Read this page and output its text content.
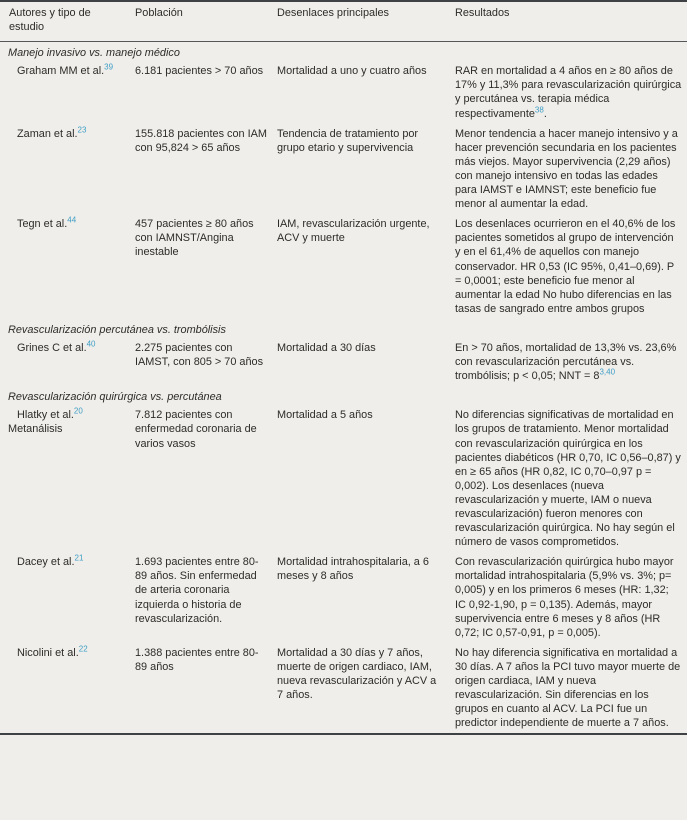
Autores y tipo de estudio	Población	Desenlaces principales	Resultados
Manejo invasivo vs. manejo médico			
Graham MM et al.$^{39}$	6.181 pacientes > 70 años	Mortalidad a uno y cuatro años	RAR en mortalidad a 4 años en ≥ 80 años de 17% y 11,3% para revascularización quirúrgica y percutánea vs. terapia médica respectivamente$^{38}$.
Zaman et al.$^{23}$	155.818 pacientes con IAM con 95,824 > 65 años	Tendencia de tratamiento por grupo etario y supervivencia	Menor tendencia a hacer manejo intensivo y a hacer prevención secundaria en los pacientes más viejos. Mayor supervivencia (2,29 años) con manejo intensivo en todas las edades para IAMST e IAMNST; este beneficio fue menor al aumentar la edad.
Tegn et al.$^{44}$	457 pacientes ≥ 80 años con IAMNST/Angina inestable	IAM, revascularización urgente, ACV y muerte	Los desenlaces ocurrieron en el 40,6% de los pacientes sometidos al grupo de intervención y en el 61,4% de aquellos con manejo conservador. HR 0,53 (IC 95%, 0,41–0,69). P = 0,0001; este beneficio fue menor al aumentar la edad No hubo diferencias en las tasas de sangrado entre ambos grupos
Revascularización percutánea vs. trombólisis			
Grines C et al.$^{40}$	2.275 pacientes con IAMST, con 805 > 70 años	Mortalidad a 30 días	En > 70 años, mortalidad de 13,3% vs. 23,6% con revascularización percutánea vs. trombólisis; p < 0,05; NNT = 8$^{3,40}$
Revascularización quirúrgica vs. percutánea			
Hlatky et al.$^{20}$ Metanálisis	7.812 pacientes con enfermedad coronaria de varios vasos	Mortalidad a 5 años	No diferencias significativas de mortalidad en los grupos de tratamiento. Menor mortalidad con revascularización quirúrgica en los pacientes diabéticos (HR 0,70, IC 0,56–0,87) y en ≥ 65 años (HR 0,82, IC 0,70–0,97 p = 0,002). Los desenlaces (nueva revascularización y muerte, IAM o nueva revascularización) fueron menores con revascularización quirúrgica. No hay según el número de vasos comprometidos.
Dacey et al.$^{21}$	1.693 pacientes entre 80-89 años. Sin enfermedad de arteria coronaria izquierda o historia de revascularización.	Mortalidad intrahospitalaria, a 6 meses y 8 años	Con revascularización quirúrgica hubo mayor mortalidad intrahospitalaria (5,9% vs. 3%; p= 0,005) y en los primeros 6 meses (HR: 1,32; IC 0,92-1,90, p = 0,135). Además, mayor supervivencia entre 6 meses y 8 años (HR 0,72; IC 0,57-0,91, p = 0,005).
Nicolini et al.$^{22}$	1.388 pacientes entre 80-89 años	Mortalidad a 30 días y 7 años, muerte de origen cardiaco, IAM, nueva revascularización y ACV a 7 años.	No hay diferencia significativa en mortalidad a 30 días. A 7 años la PCI tuvo mayor muerte de origen cardiaca, IAM y nueva revascularización. Sin diferencias en los grupos en cuanto al ACV. La PCI fue un predictor independiente de muerte a 7 años.
